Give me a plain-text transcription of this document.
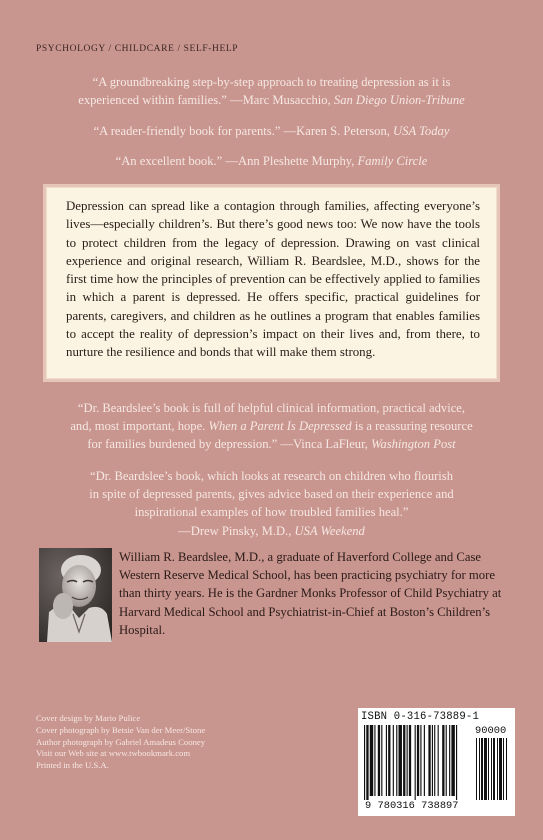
PSYCHOLOGY / CHILDCARE / SELF-HELP
“A groundbreaking step-by-step approach to treating depression as it is
experienced within families.” —Marc Musacchio, San Diego Union-Tribune
“A reader-friendly book for parents.” —Karen S. Peterson, USA Today
“An excellent book.” —Ann Pleshette Murphy, Family Circle
Depression can spread like a contagion through families, affecting everyone’s lives—especially children’s. But there’s good news too: We now have the tools to protect children from the legacy of depression. Drawing on vast clinical experience and original research, William R. Beardslee, M.D., shows for the first time how the principles of prevention can be effectively applied to families in which a parent is depressed. He offers specific, practical guidelines for parents, caregivers, and children as he outlines a program that enables families to accept the reality of depression’s impact on their lives and, from there, to nurture the resilience and bonds that will make them strong.
“Dr. Beardslee’s book is full of helpful clinical information, practical advice,
and, most important, hope. When a Parent Is Depressed is a reassuring resource
for families burdened by depression.” —Vinca LaFleur, Washington Post
“Dr. Beardslee’s book, which looks at research on children who flourish
in spite of depressed parents, gives advice based on their experience and
inspirational examples of how troubled families heal.”
—Drew Pinsky, M.D., USA Weekend
William R. Beardslee, M.D., a graduate of Haverford College and Case Western Reserve Medical School, has been practicing psychiatry for more than thirty years. He is the Gardner Monks Professor of Child Psychiatry at Harvard Medical School and Psychiatrist-in-Chief at Boston’s Children’s Hospital.
Cover design by Mario Pulice
Cover photograph by Betsie Van der Meer/Stone
Author photograph by Gabriel Amadeus Cooney
Visit our Web site at www.twbookmark.com
Printed in the U.S.A.
ISBN 0-316-73889-1
90000
9 780316 738897
